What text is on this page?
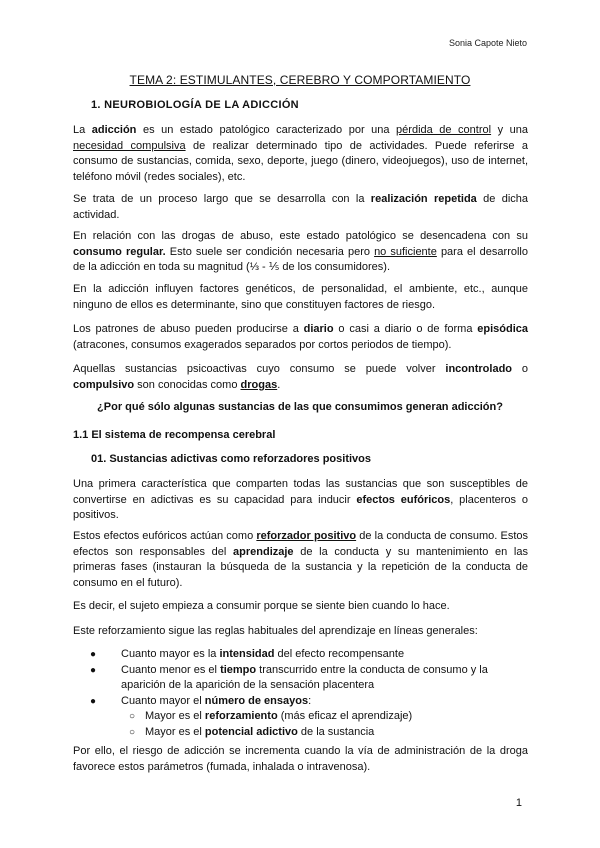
Sonia Capote Nieto
TEMA 2: ESTIMULANTES, CEREBRO Y COMPORTAMIENTO
1. NEUROBIOLOGÍA DE LA ADICCIÓN

La adicción es un estado patológico caracterizado por una pérdida de control y una necesidad compulsiva de realizar determinado tipo de actividades. Puede referirse a consumo de sustancias, comida, sexo, deporte, juego (dinero, videojuegos), uso de internet, teléfono móvil (redes sociales), etc.

Se trata de un proceso largo que se desarrolla con la realización repetida de dicha actividad.

En relación con las drogas de abuso, este estado patológico se desencadena con su consumo regular. Esto suele ser condición necesaria pero no suficiente para el desarrollo de la adicción en toda su magnitud (⅓ - ⅕ de los consumidores).

En la adicción influyen factores genéticos, de personalidad, el ambiente, etc., aunque ninguno de ellos es determinante, sino que constituyen factores de riesgo.

Los patrones de abuso pueden producirse a diario o casi a diario o de forma episódica (atracones, consumos exagerados separados por cortos periodos de tiempo).

Aquellas sustancias psicoactivas cuyo consumo se puede volver incontrolado o compulsivo son conocidas como drogas.

¿Por qué sólo algunas sustancias de las que consumimos generan adicción?
1.1 El sistema de recompensa cerebral
01. Sustancias adictivas como reforzadores positivos

Una primera característica que comparten todas las sustancias que son susceptibles de convertirse en adictivas es su capacidad para inducir efectos eufóricos, placenteros o positivos.

Estos efectos eufóricos actúan como reforzador positivo de la conducta de consumo. Estos efectos son responsables del aprendizaje de la conducta y su mantenimiento en las primeras fases (instauran la búsqueda de la sustancia y la repetición de la conducta de consumo en el futuro).

Es decir, el sujeto empieza a consumir porque se siente bien cuando lo hace.

Este reforzamiento sigue las reglas habituales del aprendizaje en líneas generales:

● Cuanto mayor es la intensidad del efecto recompensante
● Cuanto menor es el tiempo transcurrido entre la conducta de consumo y la aparición de la aparición de la sensación placentera
● Cuanto mayor el número de ensayos:
○ Mayor es el reforzamiento (más eficaz el aprendizaje)
○ Mayor es el potencial adictivo de la sustancia

Por ello, el riesgo de adicción se incrementa cuando la vía de administración de la droga favorece estos parámetros (fumada, inhalada o intravenosa).

1
